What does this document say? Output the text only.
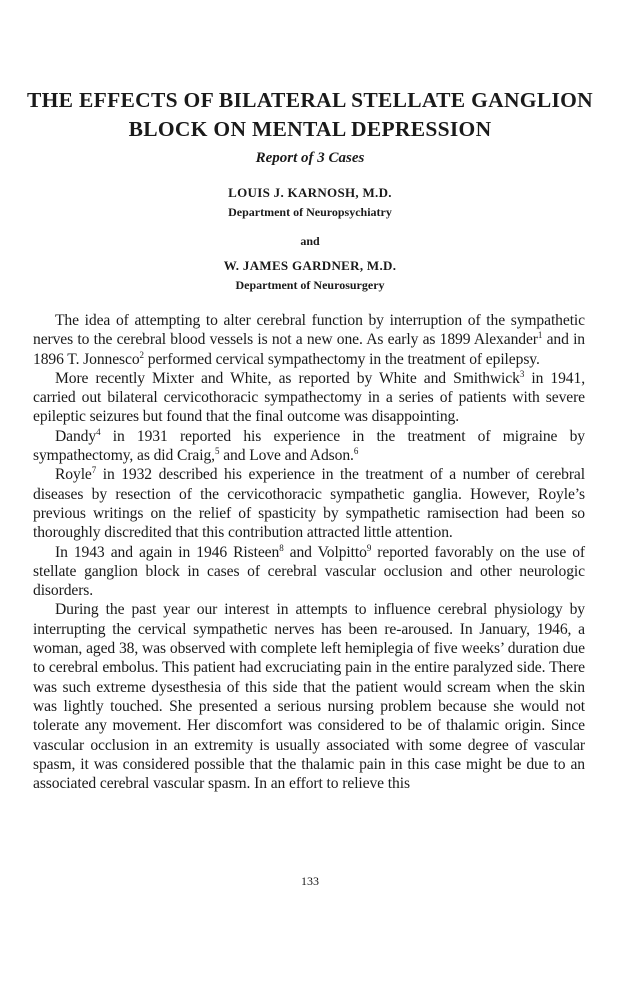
THE EFFECTS OF BILATERAL STELLATE GANGLION
BLOCK ON MENTAL DEPRESSION
Report of 3 Cases
LOUIS J. KARNOSH, M.D.
Department of Neuropsychiatry
and
W. JAMES GARDNER, M.D.
Department of Neurosurgery

The idea of attempting to alter cerebral function by interruption of the sympathetic nerves to the cerebral blood vessels is not a new one. As early as 1899 Alexander$^1$ and in 1896 T. Jonnesco$^2$ performed cervical sympathectomy in the treatment of epilepsy.

More recently Mixter and White, as reported by White and Smithwick$^3$ in 1941, carried out bilateral cervicothoracic sympathectomy in a series of patients with severe epileptic seizures but found that the final outcome was disappointing.

Dandy$^4$ in 1931 reported his experience in the treatment of migraine by sympathectomy, as did Craig,$^5$ and Love and Adson.$^6$

Royle$^7$ in 1932 described his experience in the treatment of a number of cerebral diseases by resection of the cervicothoracic sympathetic ganglia. However, Royle’s previous writings on the relief of spasticity by sympathetic ramisection had been so thoroughly discredited that this contribution attracted little attention.

In 1943 and again in 1946 Risteen$^8$ and Volpitto$^9$ reported favorably on the use of stellate ganglion block in cases of cerebral vascular occlusion and other neurologic disorders.

During the past year our interest in attempts to influence cerebral physiology by interrupting the cervical sympathetic nerves has been re-aroused. In January, 1946, a woman, aged 38, was observed with complete left hemiplegia of five weeks’ duration due to cerebral embolus. This patient had excruciating pain in the entire paralyzed side. There was such extreme dysesthesia of this side that the patient would scream when the skin was lightly touched. She presented a serious nursing problem because she would not tolerate any movement. Her discomfort was considered to be of thalamic origin. Since vascular occlusion in an extremity is usually associated with some degree of vascular spasm, it was considered possible that the thalamic pain in this case might be due to an associated cerebral vascular spasm. In an effort to relieve this

133
